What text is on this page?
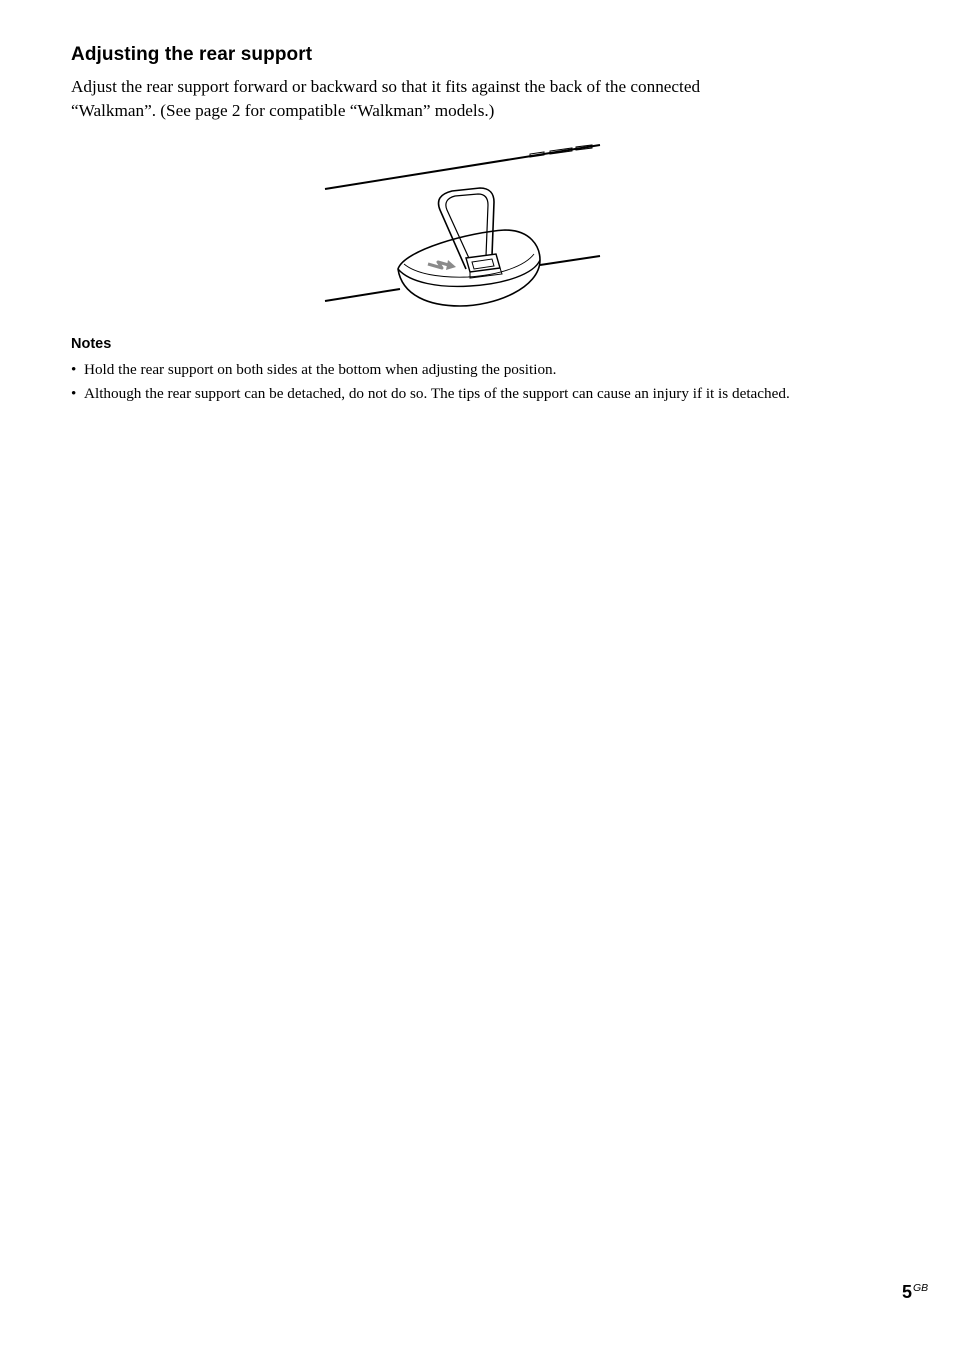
Adjusting the rear support

Adjust the rear support forward or backward so that it fits against the back of the connected
“Walkman”. (See page 2 for compatible “Walkman” models.)

Notes
• Hold the rear support on both sides at the bottom when adjusting the position.
• Although the rear support can be detached, do not do so. The tips of the support can cause an injury if it is detached.
$5^{GB}$
